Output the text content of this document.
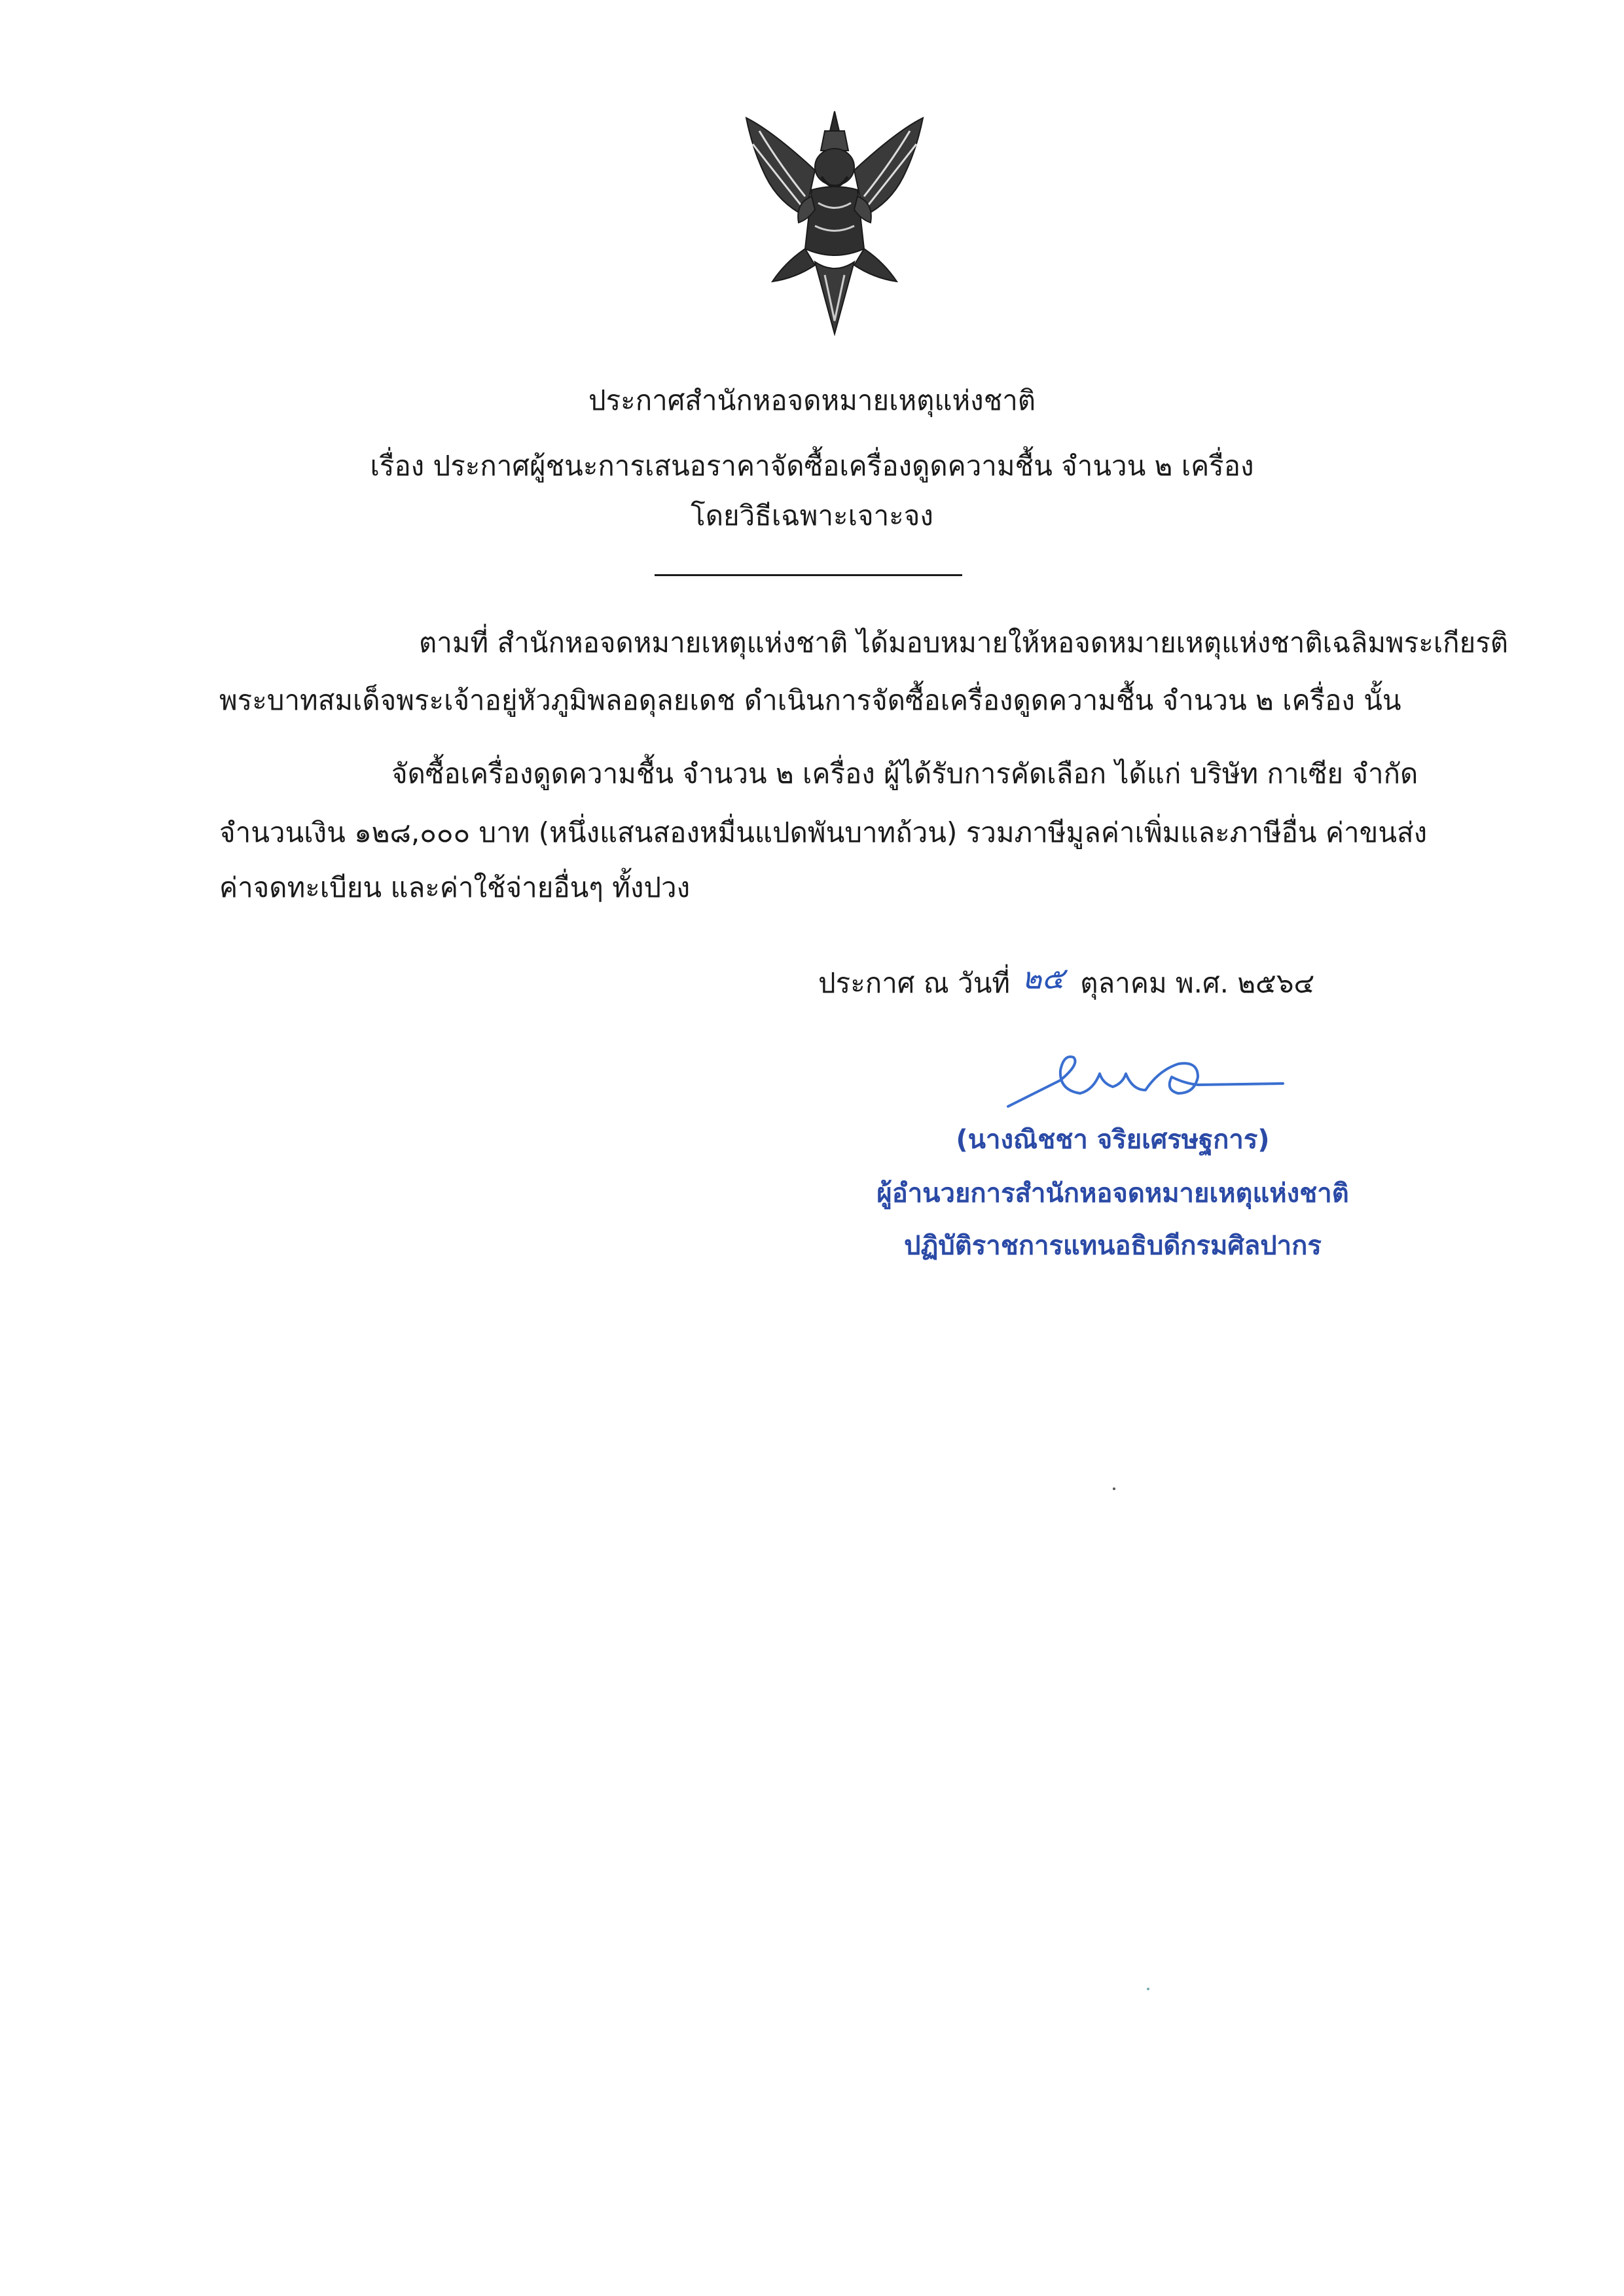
ประกาศสำนักหอจดหมายเหตุแห่งชาติ
เรื่อง ประกาศผู้ชนะการเสนอราคาจัดซื้อเครื่องดูดความชื้น จำนวน ๒ เครื่อง
โดยวิธีเฉพาะเจาะจง
ตามที่ สำนักหอจดหมายเหตุแห่งชาติ ได้มอบหมายให้หอจดหมายเหตุแห่งชาติเฉลิมพระเกียรติ
พระบาทสมเด็จพระเจ้าอยู่หัวภูมิพลอดุลยเดช ดำเนินการจัดซื้อเครื่องดูดความชื้น จำนวน ๒ เครื่อง นั้น
จัดซื้อเครื่องดูดความชื้น จำนวน ๒ เครื่อง ผู้ได้รับการคัดเลือก ได้แก่ บริษัท กาเซีย จำกัด
จำนวนเงิน ๑๒๘,๐๐๐ บาท (หนึ่งแสนสองหมื่นแปดพันบาทถ้วน) รวมภาษีมูลค่าเพิ่มและภาษีอื่น ค่าขนส่ง
ค่าจดทะเบียน และค่าใช้จ่ายอื่นๆ ทั้งปวง
ประกาศ ณ วันที่ ๒๕ ตุลาคม พ.ศ. ๒๕๖๔
(นางณิชชา จริยเศรษฐการ)
ผู้อำนวยการสำนักหอจดหมายเหตุแห่งชาติ
ปฏิบัติราชการแทนอธิบดีกรมศิลปากร
